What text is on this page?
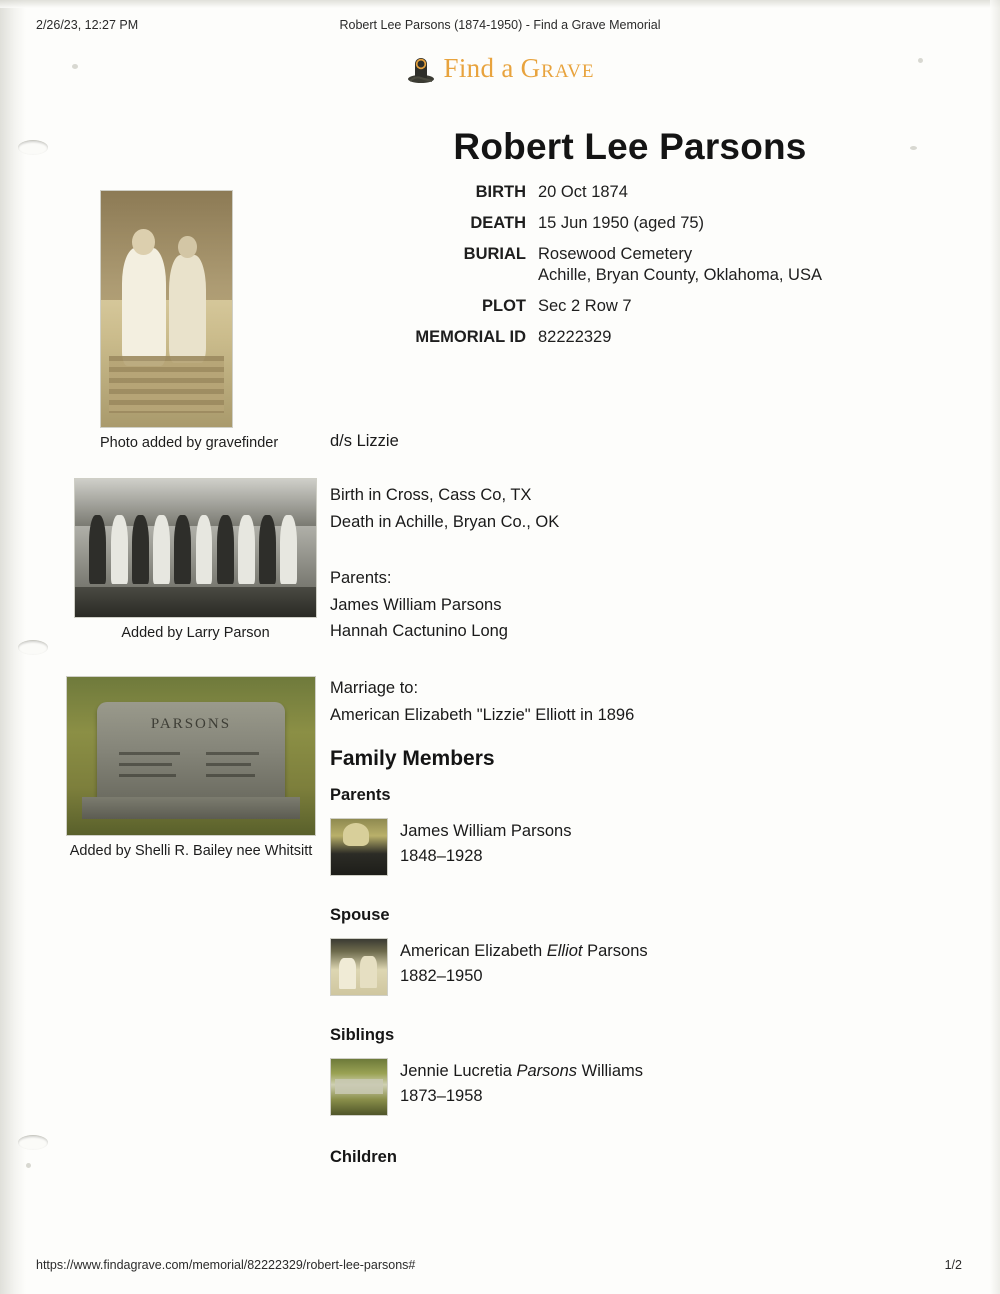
2/26/23, 12:27 PM	Robert Lee Parsons (1874-1950) - Find a Grave Memorial
Find a Grave
Robert Lee Parsons
BIRTH 20 Oct 1874
DEATH 15 Jun 1950 (aged 75)
BURIAL Rosewood Cemetery
Achille, Bryan County, Oklahoma, USA
PLOT Sec 2 Row 7
MEMORIAL ID 82222329
Photo added by gravefinder
Added by Larry Parson
PARSONS
Added by Shelli R. Bailey nee Whitsitt
d/s Lizzie
Birth in Cross, Cass Co, TX
Death in Achille, Bryan Co., OK
Parents:
James William Parsons
Hannah Cactunino Long
Marriage to:
American Elizabeth "Lizzie" Elliott in 1896
Family Members
Parents
James William Parsons
1848–1928
Spouse
American Elizabeth Elliot Parsons
1882–1950
Siblings
Jennie Lucretia Parsons Williams
1873–1958
Children
https://www.findagrave.com/memorial/82222329/robert-lee-parsons#	1/2
